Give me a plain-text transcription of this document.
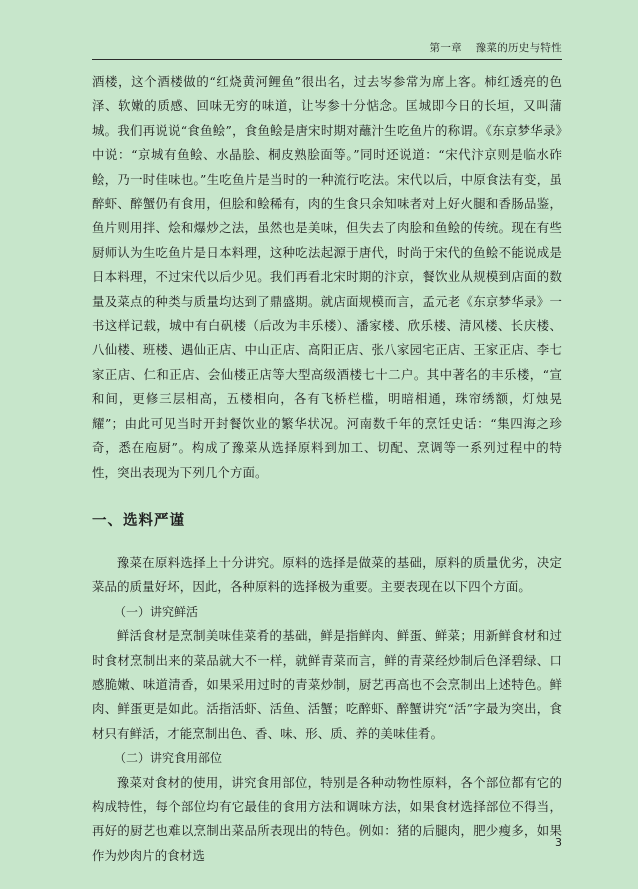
第一章 豫菜的历史与特性

酒楼，这个酒楼做的“红烧黄河鲤鱼”很出名，过去岑参常为席上客。柿红透亮的色泽、软嫩的质感、回味无穷的味道，让岑参十分惦念。匡城即今日的长垣，又叫蒲城。我们再说说“食鱼鲙”，食鱼鲙是唐宋时期对蘸汁生吃鱼片的称谓。《东京梦华录》中说：“京城有鱼鲙、水晶脍、桐皮熟脍面等。”同时还说道：“宋代汴京则是临水砟鲙，乃一时佳味也。”生吃鱼片是当时的一种流行吃法。宋代以后，中原食法有变，虽醉虾、醉蟹仍有食用，但脍和鲙稀有，肉的生食只余知味者对上好火腿和香肠品鉴，鱼片则用拌、烩和爆炒之法，虽然也是美味，但失去了肉脍和鱼鲙的传统。现在有些厨师认为生吃鱼片是日本料理，这种吃法起源于唐代，时尚于宋代的鱼鲙不能说成是日本料理，不过宋代以后少见。我们再看北宋时期的汴京，餐饮业从规模到店面的数量及菜点的种类与质量均达到了鼎盛期。就店面规模而言，孟元老《东京梦华录》一书这样记载，城中有白矾楼（后改为丰乐楼）、潘家楼、欣乐楼、清风楼、长庆楼、八仙楼、班楼、遇仙正店、中山正店、高阳正店、张八家园宅正店、王家正店、李七家正店、仁和正店、会仙楼正店等大型高级酒楼七十二户。其中著名的丰乐楼，“宣和间，更修三层相高，五楼相向，各有飞桥栏槛，明暗相通，珠帘绣额，灯烛晃耀”；由此可见当时开封餐饮业的繁华状况。河南数千年的烹饪史话：“集四海之珍奇，悉在庖厨”。构成了豫菜从选择原料到加工、切配、烹调等一系列过程中的特性，突出表现为下列几个方面。

一、选料严谨

豫菜在原料选择上十分讲究。原料的选择是做菜的基础，原料的质量优劣，决定菜品的质量好坏，因此，各种原料的选择极为重要。主要表现在以下四个方面。

（一）讲究鲜活

鲜活食材是烹制美味佳菜肴的基础，鲜是指鲜肉、鲜蛋、鲜菜；用新鲜食材和过时食材烹制出来的菜品就大不一样，就鲜青菜而言，鲜的青菜经炒制后色泽碧绿、口感脆嫩、味道清香，如果采用过时的青菜炒制，厨艺再高也不会烹制出上述特色。鲜肉、鲜蛋更是如此。活指活虾、活鱼、活蟹；吃醉虾、醉蟹讲究“活”字最为突出，食材只有鲜活，才能烹制出色、香、味、形、质、养的美味佳肴。

（二）讲究食用部位

豫菜对食材的使用，讲究食用部位，特别是各种动物性原料，各个部位都有它的构成特性，每个部位均有它最佳的食用方法和调味方法，如果食材选择部位不得当，再好的厨艺也难以烹制出菜品所表现出的特色。例如：猪的后腿肉，肥少瘦多，如果作为炒肉片的食材选

3
